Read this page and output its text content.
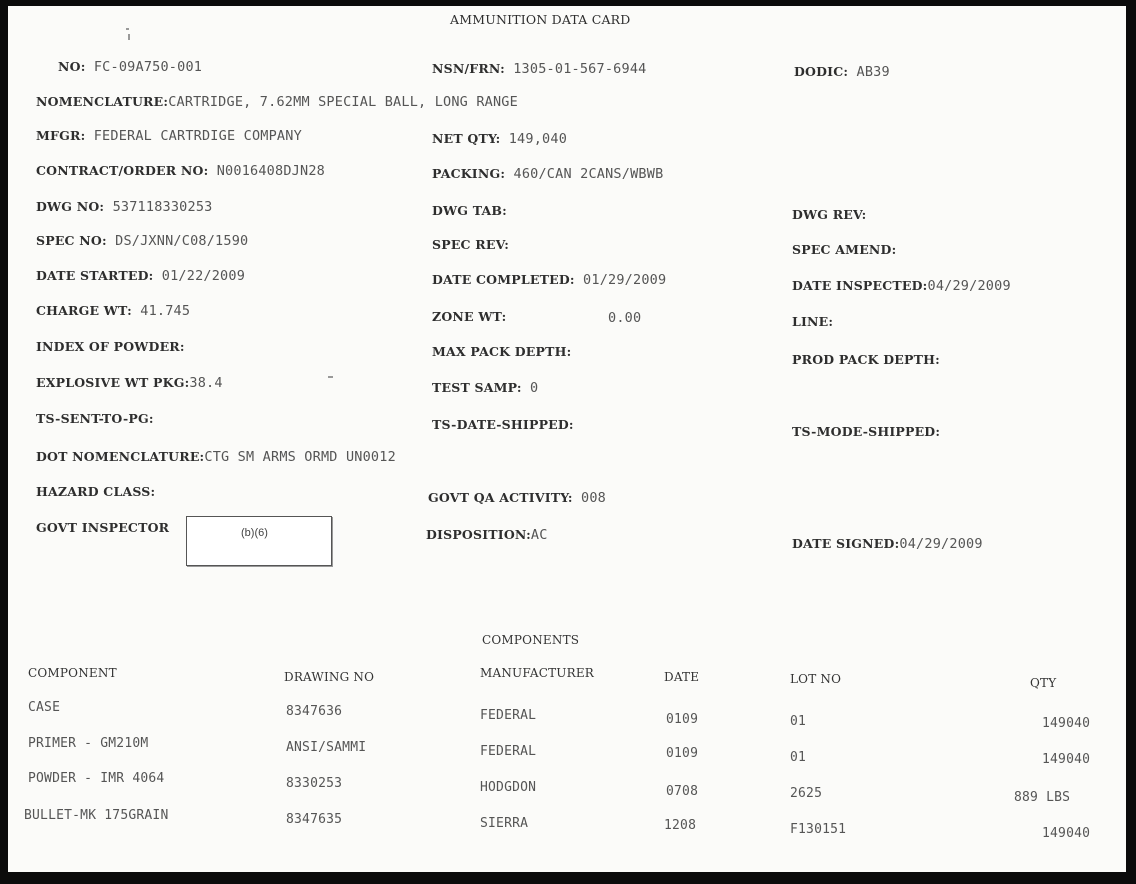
AMMUNITION DATA CARD
NO: FC-09A750-001	NSN/FRN: 1305-01-567-6944	DODIC: AB39
NOMENCLATURE:CARTRIDGE, 7.62MM SPECIAL BALL, LONG RANGE
MFGR: FEDERAL CARTRDIGE COMPANY	NET QTY: 149,040
CONTRACT/ORDER NO: N0016408DJN28	PACKING: 460/CAN 2CANS/WBWB
DWG NO: 537118330253	DWG TAB:	DWG REV:
SPEC NO: DS/JXNN/C08/1590	SPEC REV:	SPEC AMEND:
DATE STARTED: 01/22/2009	DATE COMPLETED: 01/29/2009	DATE INSPECTED:04/29/2009
CHARGE WT: 41.745	ZONE WT:	0.00	LINE:
INDEX OF POWDER:	MAX PACK DEPTH:
PROD PACK DEPTH:
EXPLOSIVE WT PKG:38.4	TEST SAMP: 0
TS-SENT-TO-PG:	TS-DATE-SHIPPED:	TS-MODE-SHIPPED:
DOT NOMENCLATURE:CTG SM ARMS ORMD UN0012
HAZARD CLASS:	GOVT QA ACTIVITY: 008
GOVT INSPECTOR	(b)(6)	DISPOSITION:AC
DATE SIGNED:04/29/2009
COMPONENTS
COMPONENT	DRAWING NO	MANUFACTURER	DATE	LOT NO	QTY
CASE	8347636	FEDERAL	0109	01	149040
PRIMER - GM210M	ANSI/SAMMI	FEDERAL	0109	01	149040
POWDER - IMR 4064	8330253	HODGDON	0708	2625	889 LBS
BULLET-MK 175GRAIN	8347635	SIERRA	1208	F130151	149040
